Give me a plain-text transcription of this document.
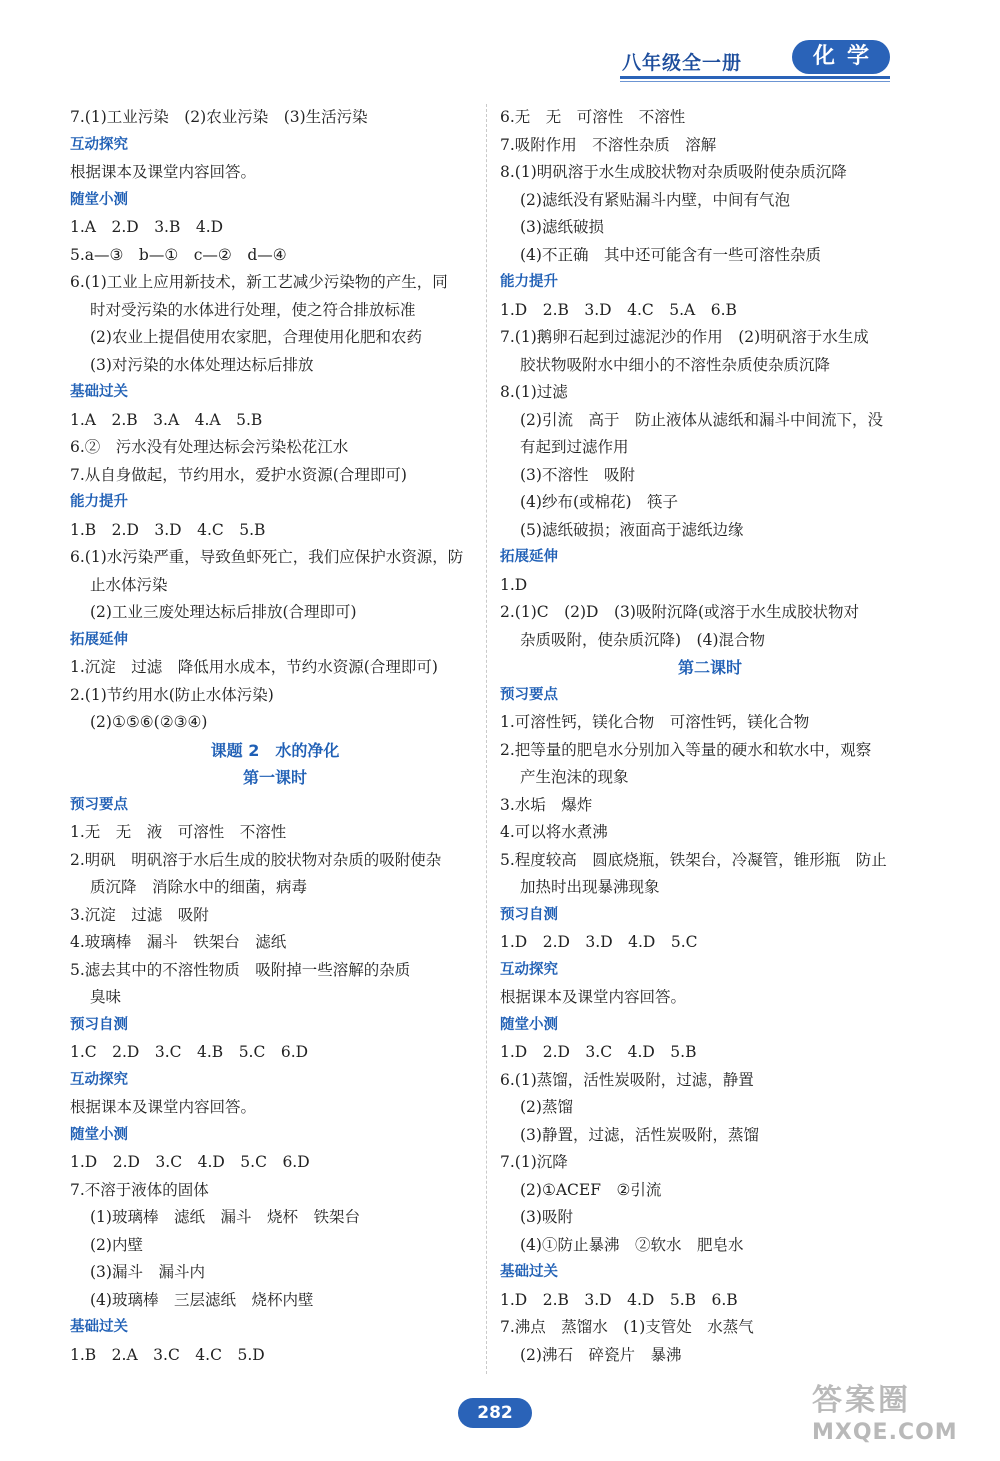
八年级全一册	化学
7.(1)工业污染　(2)农业污染　(3)生活污染
互动探究
根据课本及课堂内容回答。
随堂小测
1.A　2.D　3.B　4.D
5.a—③　b—①　c—②　d—④
6.(1)工业上应用新技术，新工艺减少污染物的产生，同
时对受污染的水体进行处理，使之符合排放标准
(2)农业上提倡使用农家肥，合理使用化肥和农药
(3)对污染的水体处理达标后排放
基础过关
1.A　2.B　3.A　4.A　5.B
6.②　污水没有处理达标会污染松花江水
7.从自身做起，节约用水，爱护水资源(合理即可)
能力提升
1.B　2.D　3.D　4.C　5.B
6.(1)水污染严重，导致鱼虾死亡，我们应保护水资源，防
止水体污染
(2)工业三废处理达标后排放(合理即可)
拓展延伸
1.沉淀　过滤　降低用水成本，节约水资源(合理即可)
2.(1)节约用水(防止水体污染)
(2)①⑤⑥(②③④)
课题 2　水的净化
第一课时
预习要点
1.无　无　液　可溶性　不溶性
2.明矾　明矾溶于水后生成的胶状物对杂质的吸附使杂
质沉降　消除水中的细菌，病毒
3.沉淀　过滤　吸附
4.玻璃棒　漏斗　铁架台　滤纸
5.滤去其中的不溶性物质　吸附掉一些溶解的杂质
臭味
预习自测
1.C　2.D　3.C　4.B　5.C　6.D
互动探究
根据课本及课堂内容回答。
随堂小测
1.D　2.D　3.C　4.D　5.C　6.D
7.不溶于液体的固体
(1)玻璃棒　滤纸　漏斗　烧杯　铁架台
(2)内壁
(3)漏斗　漏斗内
(4)玻璃棒　三层滤纸　烧杯内壁
基础过关
1.B　2.A　3.C　4.C　5.D
6.无　无　可溶性　不溶性
7.吸附作用　不溶性杂质　溶解
8.(1)明矾溶于水生成胶状物对杂质吸附使杂质沉降
(2)滤纸没有紧贴漏斗内壁，中间有气泡
(3)滤纸破损
(4)不正确　其中还可能含有一些可溶性杂质
能力提升
1.D　2.B　3.D　4.C　5.A　6.B
7.(1)鹅卵石起到过滤泥沙的作用　(2)明矾溶于水生成
胶状物吸附水中细小的不溶性杂质使杂质沉降
8.(1)过滤
(2)引流　高于　防止液体从滤纸和漏斗中间流下，没
有起到过滤作用
(3)不溶性　吸附
(4)纱布(或棉花)　筷子
(5)滤纸破损；液面高于滤纸边缘
拓展延伸
1.D
2.(1)C　(2)D　(3)吸附沉降(或溶于水生成胶状物对
杂质吸附，使杂质沉降)　(4)混合物
第二课时
预习要点
1.可溶性钙，镁化合物　可溶性钙，镁化合物
2.把等量的肥皂水分别加入等量的硬水和软水中，观察
产生泡沫的现象
3.水垢　爆炸
4.可以将水煮沸
5.程度较高　圆底烧瓶，铁架台，冷凝管，锥形瓶　防止
加热时出现暴沸现象
预习自测
1.D　2.D　3.D　4.D　5.C
互动探究
根据课本及课堂内容回答。
随堂小测
1.D　2.D　3.C　4.D　5.B
6.(1)蒸馏，活性炭吸附，过滤，静置
(2)蒸馏
(3)静置，过滤，活性炭吸附，蒸馏
7.(1)沉降
(2)①ACEF　②引流
(3)吸附
(4)①防止暴沸　②软水　肥皂水
基础过关
1.D　2.B　3.D　4.D　5.B　6.B
7.沸点　蒸馏水　(1)支管处　水蒸气
(2)沸石　碎瓷片　暴沸
282	答案圈
MXQE.COM
